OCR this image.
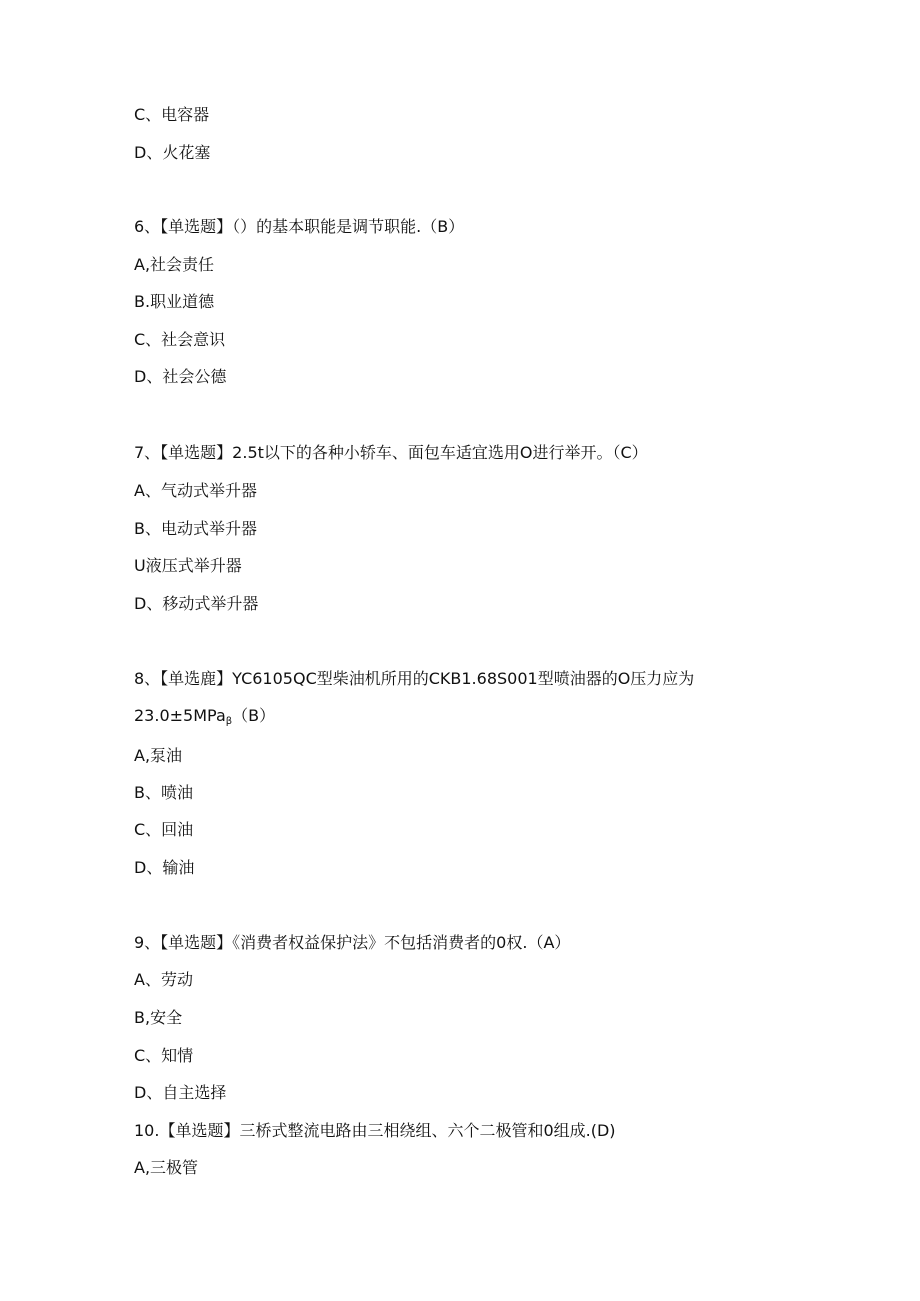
C、电容器
D、火花塞
6、【单选题】（）的基本职能是调节职能.（B）
A,社会责任
B.职业道德
C、社会意识
D、社会公德
7、【单选题】2.5t以下的各种小轿车、面包车适宜选用O进行举开。（C）
A、气动式举升器
B、电动式举升器
U液压式举升器
D、移动式举升器
8、【单选鹿】YC6105QC型柴油机所用的CKB1.68S001型喷油器的O压力应为
23.0±5MPa$_\beta$（B）
A,泵油
B、喷油
C、回油
D、输油
9、【单选题】《消费者权益保护法》不包括消费者的0权.（A）
A、劳动
B,安全
C、知情
D、自主选择
10.【单选题】三桥式整流电路由三相绕组、六个二极管和0组成.(D)
A,三极管
